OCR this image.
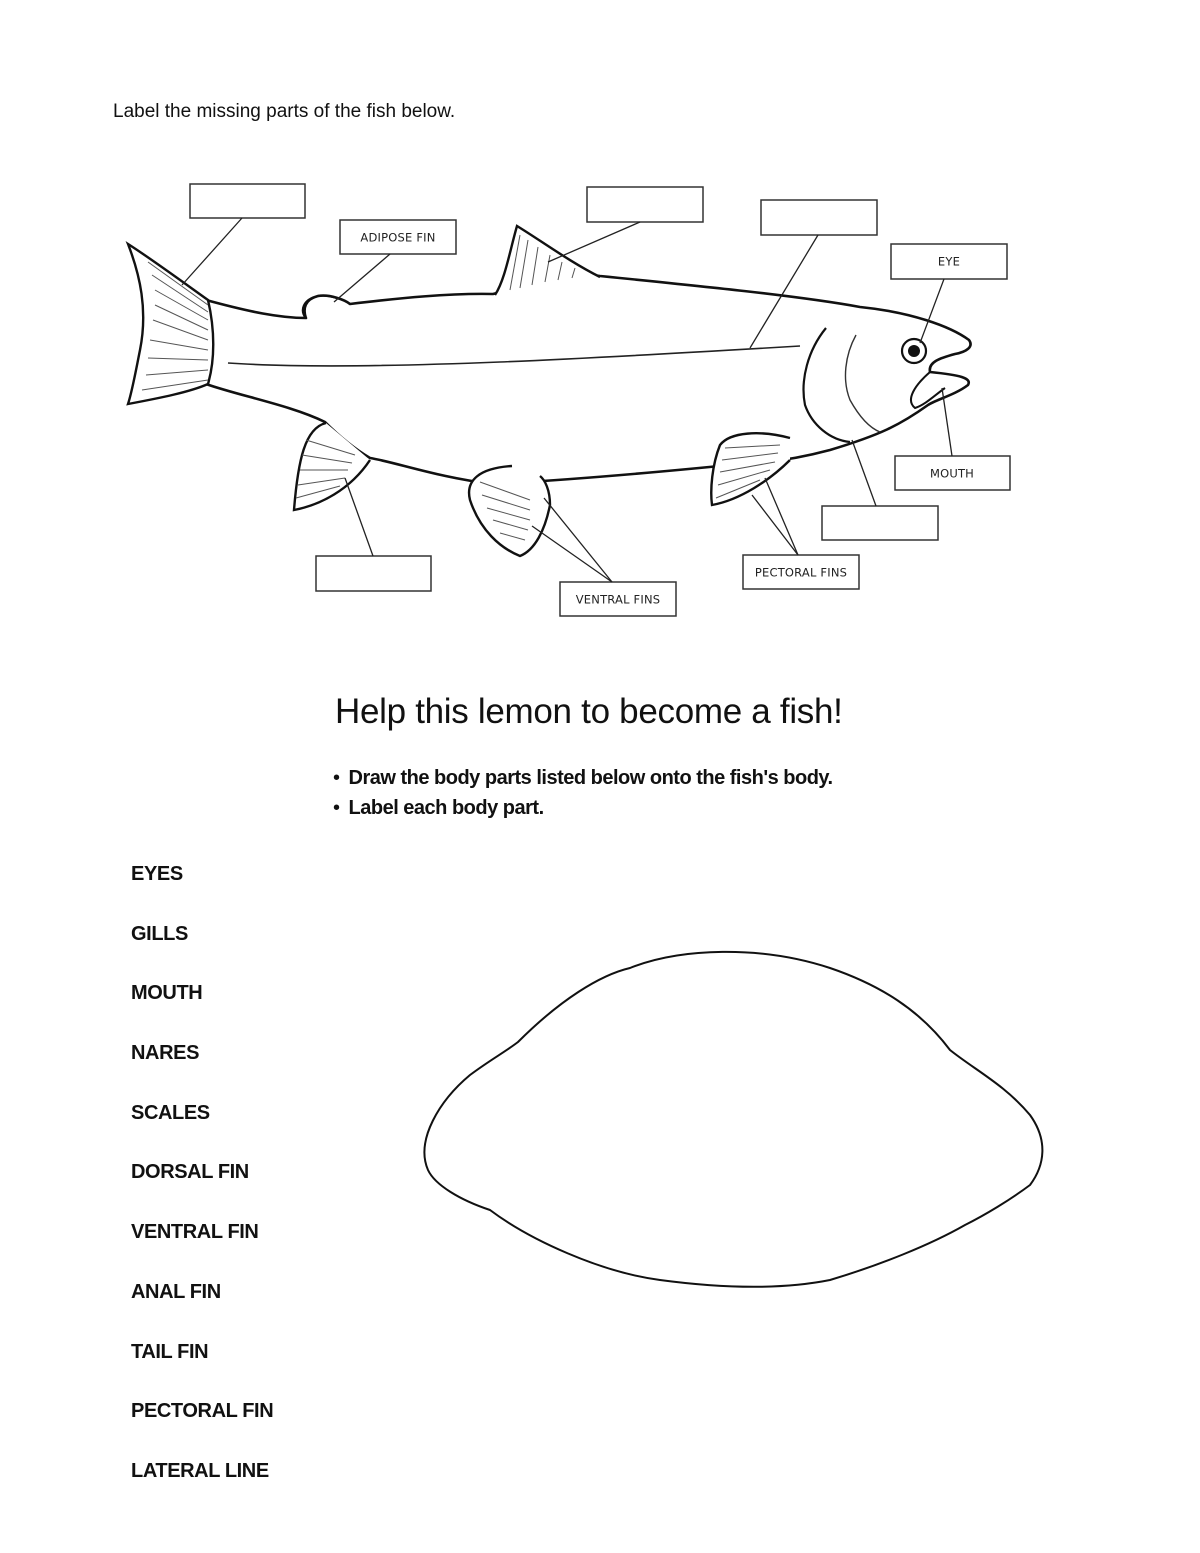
Label the missing parts of the fish below.
ADIPOSE FIN
EYE
MOUTH
PECTORAL FINS
VENTRAL FINS
Help this lemon to become a fish!
• Draw the body parts listed below onto the fish's body.
• Label each body part.
EYES
GILLS
MOUTH
NARES
SCALES
DORSAL FIN
VENTRAL FIN
ANAL FIN
TAIL FIN
PECTORAL FIN
LATERAL LINE
